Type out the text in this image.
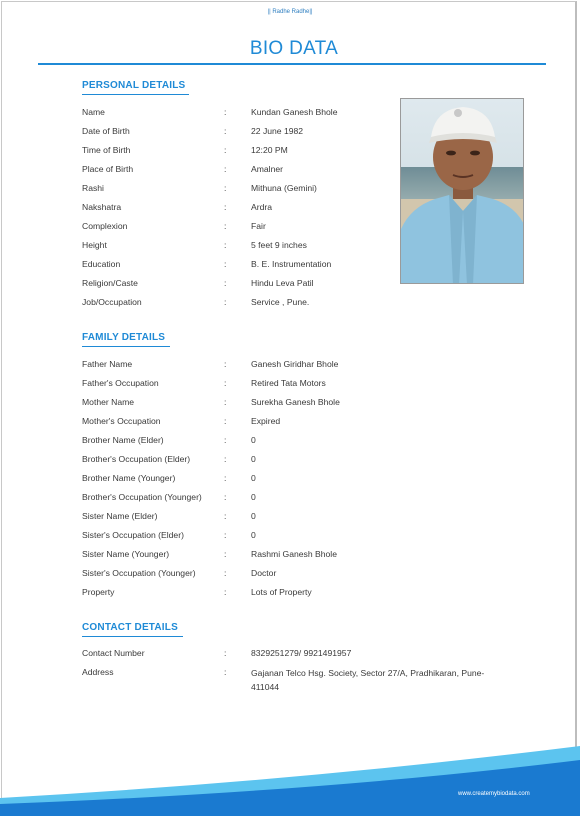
|| Radhe Radhe||
BIO DATA
PERSONAL DETAILS
Name	:	Kundan Ganesh Bhole
Date of Birth	:	22 June 1982
Time of Birth	:	12:20 PM
Place of Birth	:	Amalner
Rashi	:	Mithuna (Gemini)
Nakshatra	:	Ardra
Complexion	:	Fair
Height	:	5 feet 9 inches
Education	:	B. E. Instrumentation
Religion/Caste	:	Hindu Leva Patil
Job/Occupation	:	Service , Pune.
FAMILY DETAILS
Father Name	:	Ganesh Giridhar Bhole
Father's Occupation	:	Retired Tata Motors
Mother Name	:	Surekha Ganesh Bhole
Mother's Occupation	:	Expired
Brother Name (Elder)	:	0
Brother's Occupation (Elder)	:	0
Brother Name (Younger)	:	0
Brother's Occupation (Younger)	:	0
Sister Name (Elder)	:	0
Sister's Occupation (Elder)	:	0
Sister Name (Younger)	:	Rashmi Ganesh Bhole
Sister's Occupation (Younger)	:	Doctor
Property	:	Lots of Property
CONTACT DETAILS
Contact Number	:	8329251279/ 9921491957
Address	:	Gajanan Telco Hsg. Society, Sector 27/A, Pradhikaran, Pune-411044
www.createmybiodata.com
